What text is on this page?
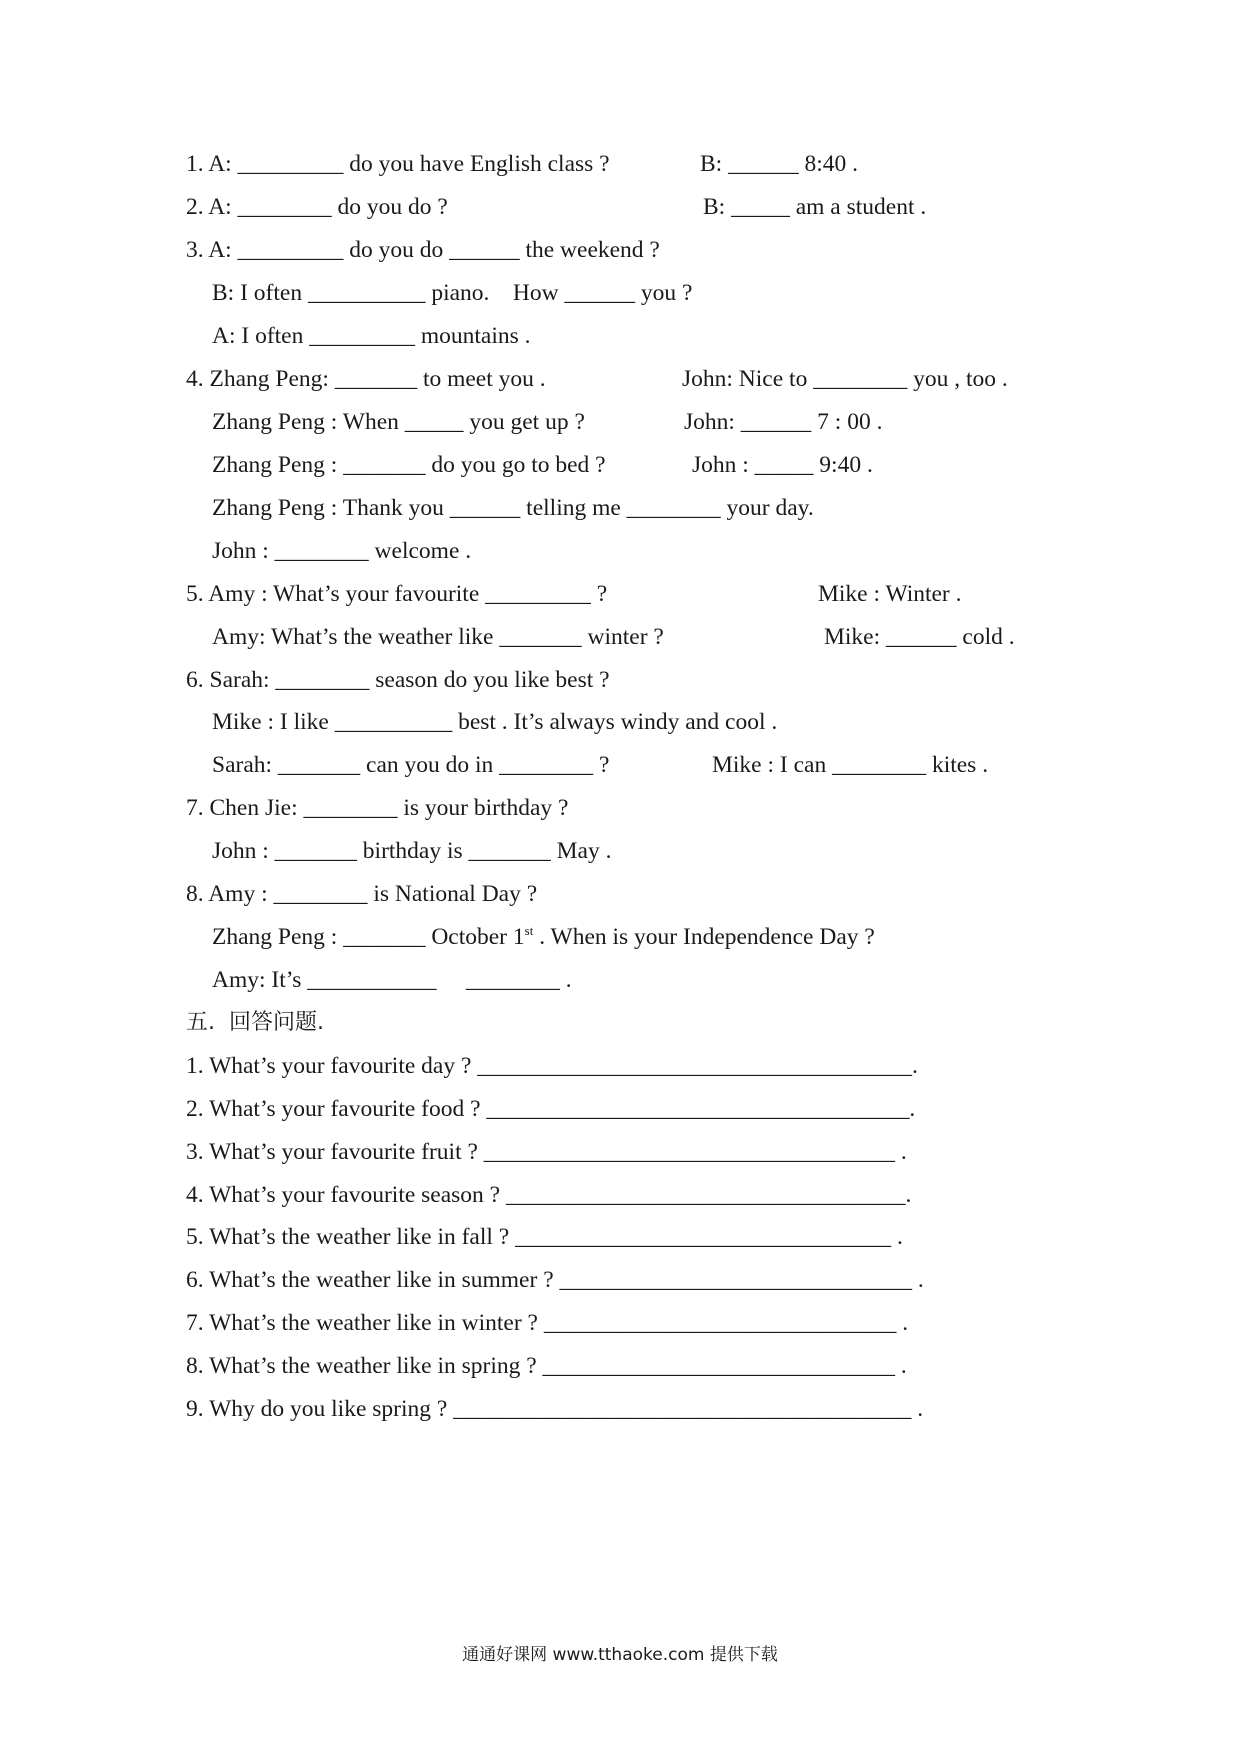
1. A: _________ do you have English class ?

	B: ______ 8:40 .

2. A: ________ do you do ?

	B: _____ am a student .

3. A: _________ do you do ______ the weekend ?
B: I often __________ piano.    How ______ you ?
A: I often _________ mountains .

4. Zhang Peng: _______ to meet you .

	John: Nice to ________ you , too .

Zhang Peng : When _____ you get up ?

	John: ______ 7 : 00 .

Zhang Peng : _______ do you go to bed ?

	John : _____ 9:40 .

Zhang Peng : Thank you ______ telling me ________ your day.
John : ________ welcome .

5. Amy : What’s your favourite _________ ?

	Mike : Winter .

Amy: What’s the weather like _______ winter ?

	Mike: ______ cold .

6. Sarah: ________ season do you like best ?
Mike : I like __________ best . It’s always windy and cool .

Sarah: _______ can you do in ________ ?

	Mike : I can ________ kites .

7. Chen Jie: ________ is your birthday ?
John : _______ birthday is _______ May .
8. Amy : ________ is National Day ?
Zhang Peng : _______ October 1st . When is your Independence Day ?
Amy: It’s ___________     ________ .
五.  回答问题.
1. What’s your favourite day ? _____________________________________.
2. What’s your favourite food ? ____________________________________.
3. What’s your favourite fruit ? ___________________________________ .
4. What’s your favourite season ? __________________________________.
5. What’s the weather like in fall ? ________________________________ .
6. What’s the weather like in summer ? ______________________________ .
7. What’s the weather like in winter ? ______________________________ .
8. What’s the weather like in spring ? ______________________________ .
9. Why do you like spring ? _______________________________________ .
通通好课网 www.tthaoke.com 提供下载
